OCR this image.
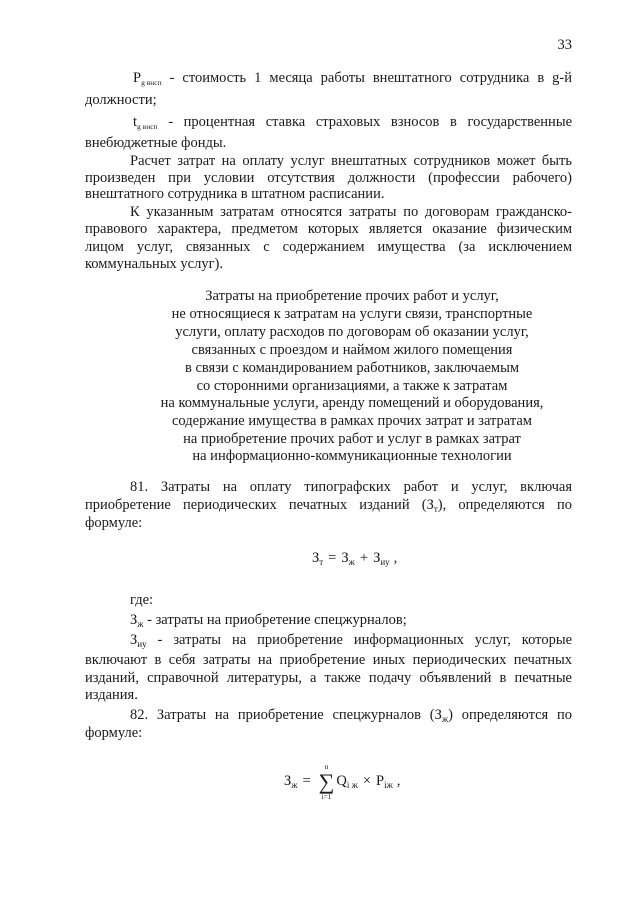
33
Pg внсп - стоимость 1 месяца работы внештатного сотрудника в g-й
должности;
tg внсп - процентная ставка страховых взносов в государственные
внебюджетные фонды.
Расчет затрат на оплату услуг внештатных сотрудников может быть
произведен при условии отсутствия должности (профессии рабочего)
внештатного сотрудника в штатном расписании.
К указанным затратам относятся затраты по договорам гражданско-
правового характера, предметом которых является оказание физическим
лицом услуг, связанных с содержанием имущества (за исключением
коммунальных услуг).
Затраты на приобретение прочих работ и услуг,
не относящиеся к затратам на услуги связи, транспортные
услуги, оплату расходов по договорам об оказании услуг,
связанных с проездом и наймом жилого помещения
в связи с командированием работников, заключаемым
со сторонними организациями, а также к затратам
на коммунальные услуги, аренду помещений и оборудования,
содержание имущества в рамках прочих затрат и затратам
на приобретение прочих работ и услуг в рамках затрат
на информационно-коммуникационные технологии
81. Затраты на оплату типографских работ и услуг, включая
приобретение периодических печатных изданий (Зт), определяются по
формуле:
З т = З ж + З иу ,
где:
Зж - затраты на приобретение спецжурналов;
Зиу - затраты на приобретение информационных услуг, которые
включают в себя затраты на приобретение иных периодических печатных
изданий, справочной литературы, а также подачу объявлений в печатные
издания.
82. Затраты на приобретение спецжурналов (Зж) определяются по
формуле:
З ж =
n
∑
i=1
Q i ж × P iж ,
